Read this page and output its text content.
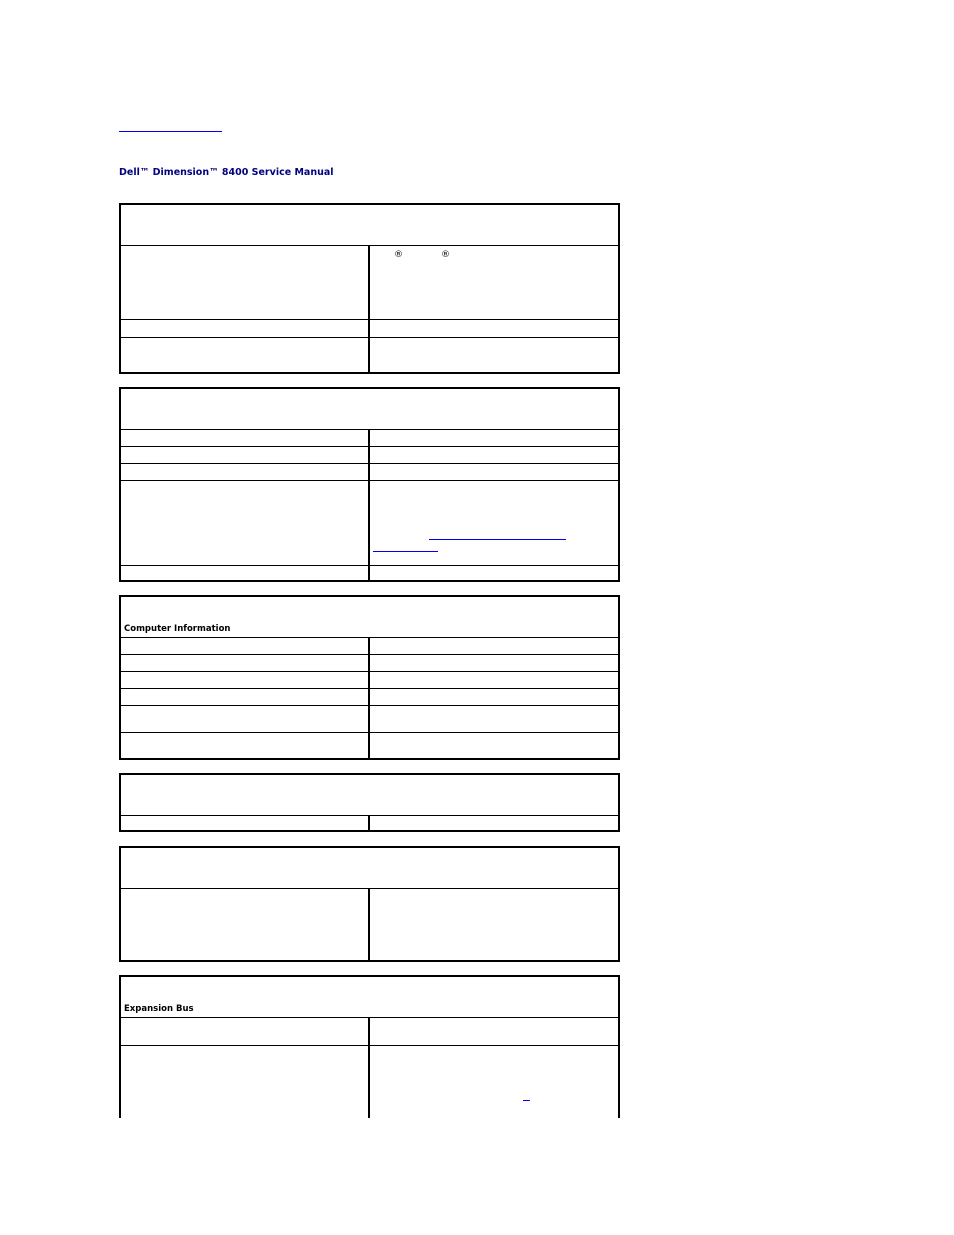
Dell™ Dimension™ 8400 Service Manual
®	®
Computer Information
Expansion Bus
